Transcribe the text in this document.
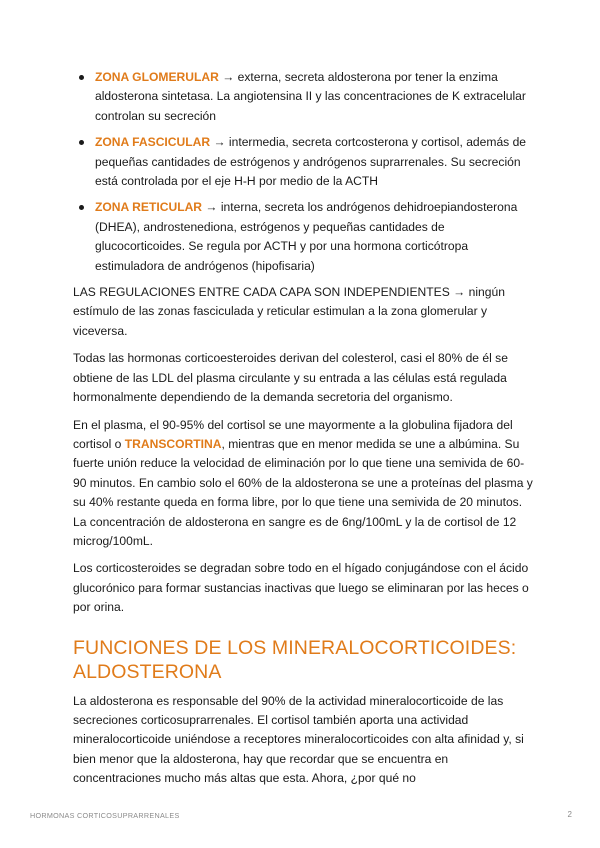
ZONA GLOMERULAR → externa, secreta aldosterona por tener la enzima aldosterona sintetasa. La angiotensina II y las concentraciones de K extracelular controlan su secreción
ZONA FASCICULAR → intermedia, secreta cortcosterona y cortisol, además de pequeñas cantidades de estrógenos y andrógenos suprarrenales. Su secreción está controlada por el eje H-H por medio de la ACTH
ZONA RETICULAR → interna, secreta los andrógenos dehidroepiandosterona (DHEA), androstenediona, estrógenos y pequeñas cantidades de glucocorticoides. Se regula por ACTH y por una hormona corticótropa estimuladora de andrógenos (hipofisaria)

LAS REGULACIONES ENTRE CADA CAPA SON INDEPENDIENTES → ningún estímulo de las zonas fasciculada y reticular estimulan a la zona glomerular y viceversa.

Todas las hormonas corticoesteroides derivan del colesterol, casi el 80% de él se obtiene de las LDL del plasma circulante y su entrada a las células está regulada hormonalmente dependiendo de la demanda secretoria del organismo.

En el plasma, el 90-95% del cortisol se une mayormente a la globulina fijadora del cortisol o TRANSCORTINA, mientras que en menor medida se une a albúmina. Su fuerte unión reduce la velocidad de eliminación por lo que tiene una semivida de 60-90 minutos. En cambio solo el 60% de la aldosterona se une a proteínas del plasma y su 40% restante queda en forma libre, por lo que tiene una semivida de 20 minutos. La concentración de aldosterona en sangre es de 6ng/100mL y la de cortisol de 12 microg/100mL.

Los corticosteroides se degradan sobre todo en el hígado conjugándose con el ácido glucorónico para formar sustancias inactivas que luego se eliminaran por las heces o por orina.

FUNCIONES DE LOS MINERALOCORTICOIDES:
ALDOSTERONA

La aldosterona es responsable del 90% de la actividad mineralocorticoide de las secreciones corticosuprarrenales. El cortisol también aporta una actividad mineralocorticoide uniéndose a receptores mineralocorticoides con alta afinidad y, si bien menor que la aldosterona, hay que recordar que se encuentra en concentraciones mucho más altas que esta. Ahora, ¿por qué no

HORMONAS CORTICOSUPRARRENALES	2
